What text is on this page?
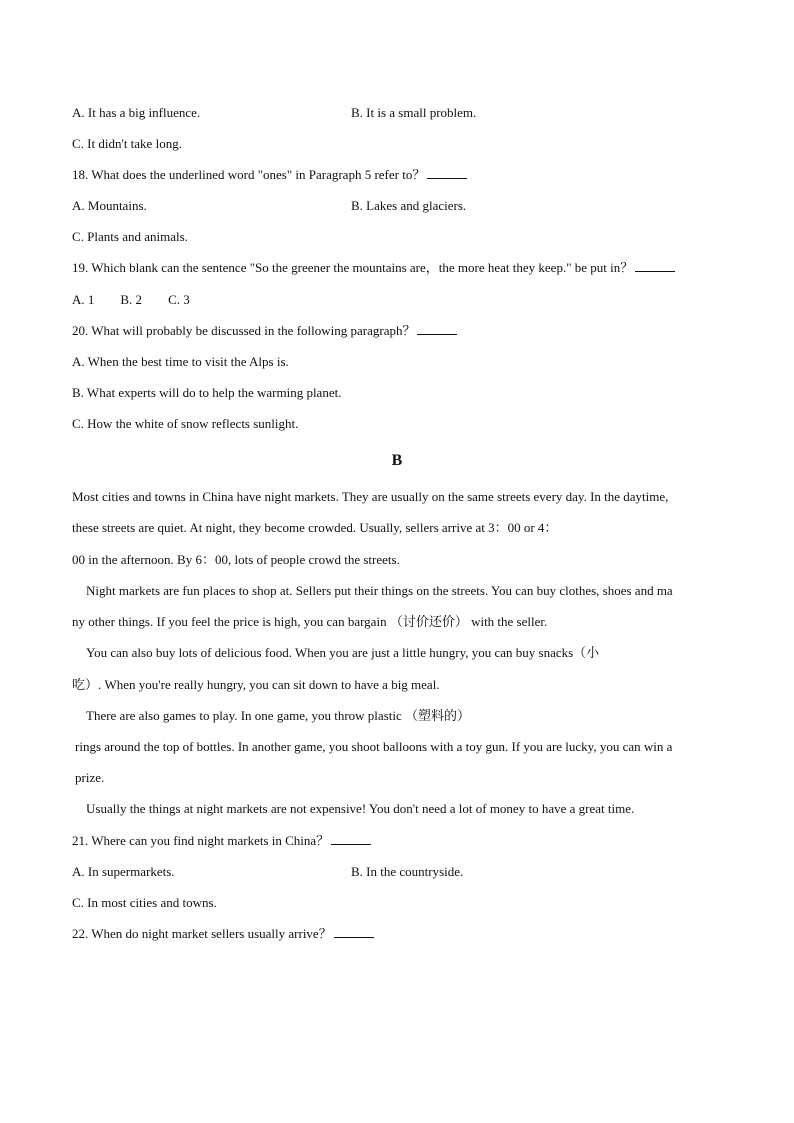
A. It has a big influence.	B. It is a small problem.
C. It didn't take long.
18. What does the underlined word "ones" in Paragraph 5 refer to？
A. Mountains.	B. Lakes and glaciers.
C. Plants and animals.
19. Which blank can the sentence "So the greener the mountains are，the more heat they keep." be put in？
A. 1 B. 2 C. 3
20. What will probably be discussed in the following paragraph？
A. When the best time to visit the Alps is.
B. What experts will do to help the warming planet.
C. How the white of snow reflects sunlight.
B
Most cities and towns in China have night markets. They are usually on the same streets every day. In the daytime,
these streets are quiet. At night, they become crowded. Usually, sellers arrive at 3：00 or 4：
00 in the afternoon. By 6：00, lots of people crowd the streets.
Night markets are fun places to shop at. Sellers put their things on the streets. You can buy clothes, shoes and ma
ny other things. If you feel the price is high, you can bargain （讨价还价） with the seller.
You can also buy lots of delicious food. When you are just a little hungry, you can buy snacks（小
吃）. When you're really hungry, you can sit down to have a big meal.
There are also games to play. In one game, you throw plastic （塑料的）
rings around the top of bottles. In another game, you shoot balloons with a toy gun. If you are lucky, you can win a
prize.
Usually the things at night markets are not expensive! You don't need a lot of money to have a great time.
21. Where can you find night markets in China？
A. In supermarkets.	B. In the countryside.
C. In most cities and towns.
22. When do night market sellers usually arrive？
